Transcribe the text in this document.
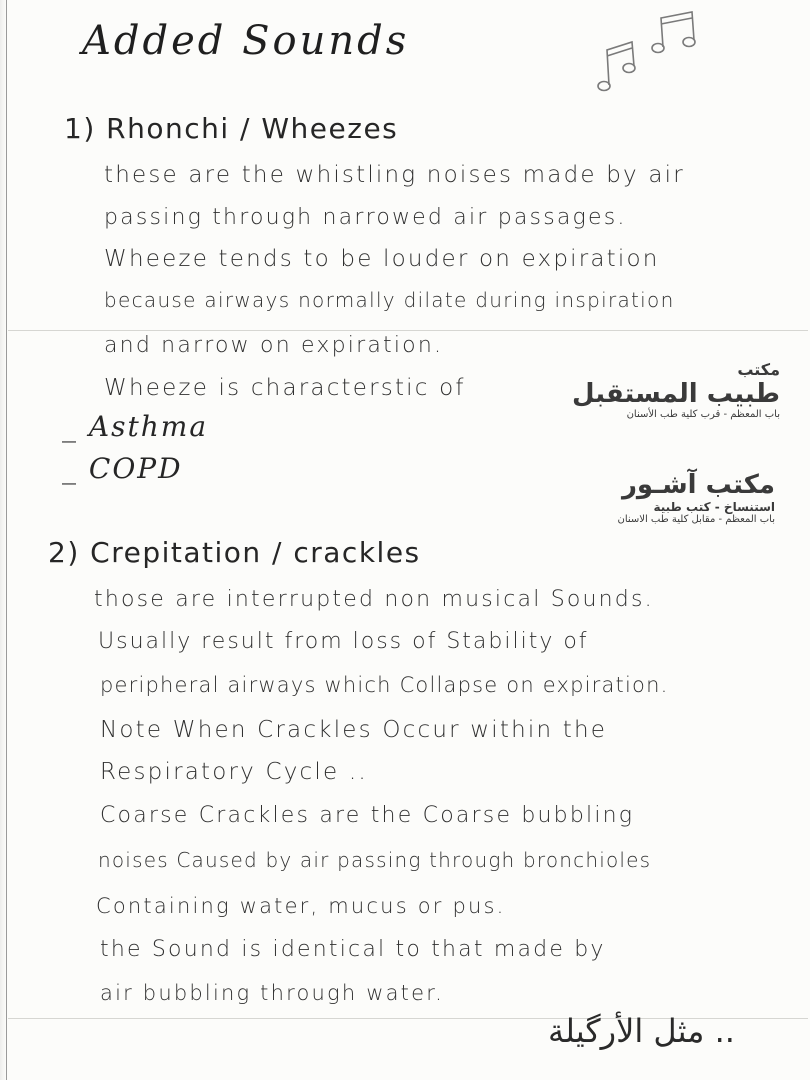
Added Sounds
1) Rhonchi / Wheezes
these are the whistling noises made by air
passing through narrowed air passages.
Wheeze tends to be louder on expiration
because airways normally dilate during inspiration
and narrow on expiration.
Wheeze is characterstic of
_ Asthma
_ COPD
مكتب
طبيب المستقبل
باب المعظم - قرب كلية طب الأسنان
مكتب آشـور
استنساخ - كتب طبية
باب المعظم - مقابل كلية طب الاسنان
2) Crepitation / crackles
those are interrupted non musical Sounds.
Usually result from loss of Stability of
peripheral airways which Collapse on expiration.
Note When Crackles Occur within the
Respiratory Cycle ..
Coarse Crackles are the Coarse bubbling
noises Caused by air passing through bronchioles
Containing water, mucus or pus.
the Sound is identical to that made by
air bubbling through water.
مثل الأرگيلة ..
